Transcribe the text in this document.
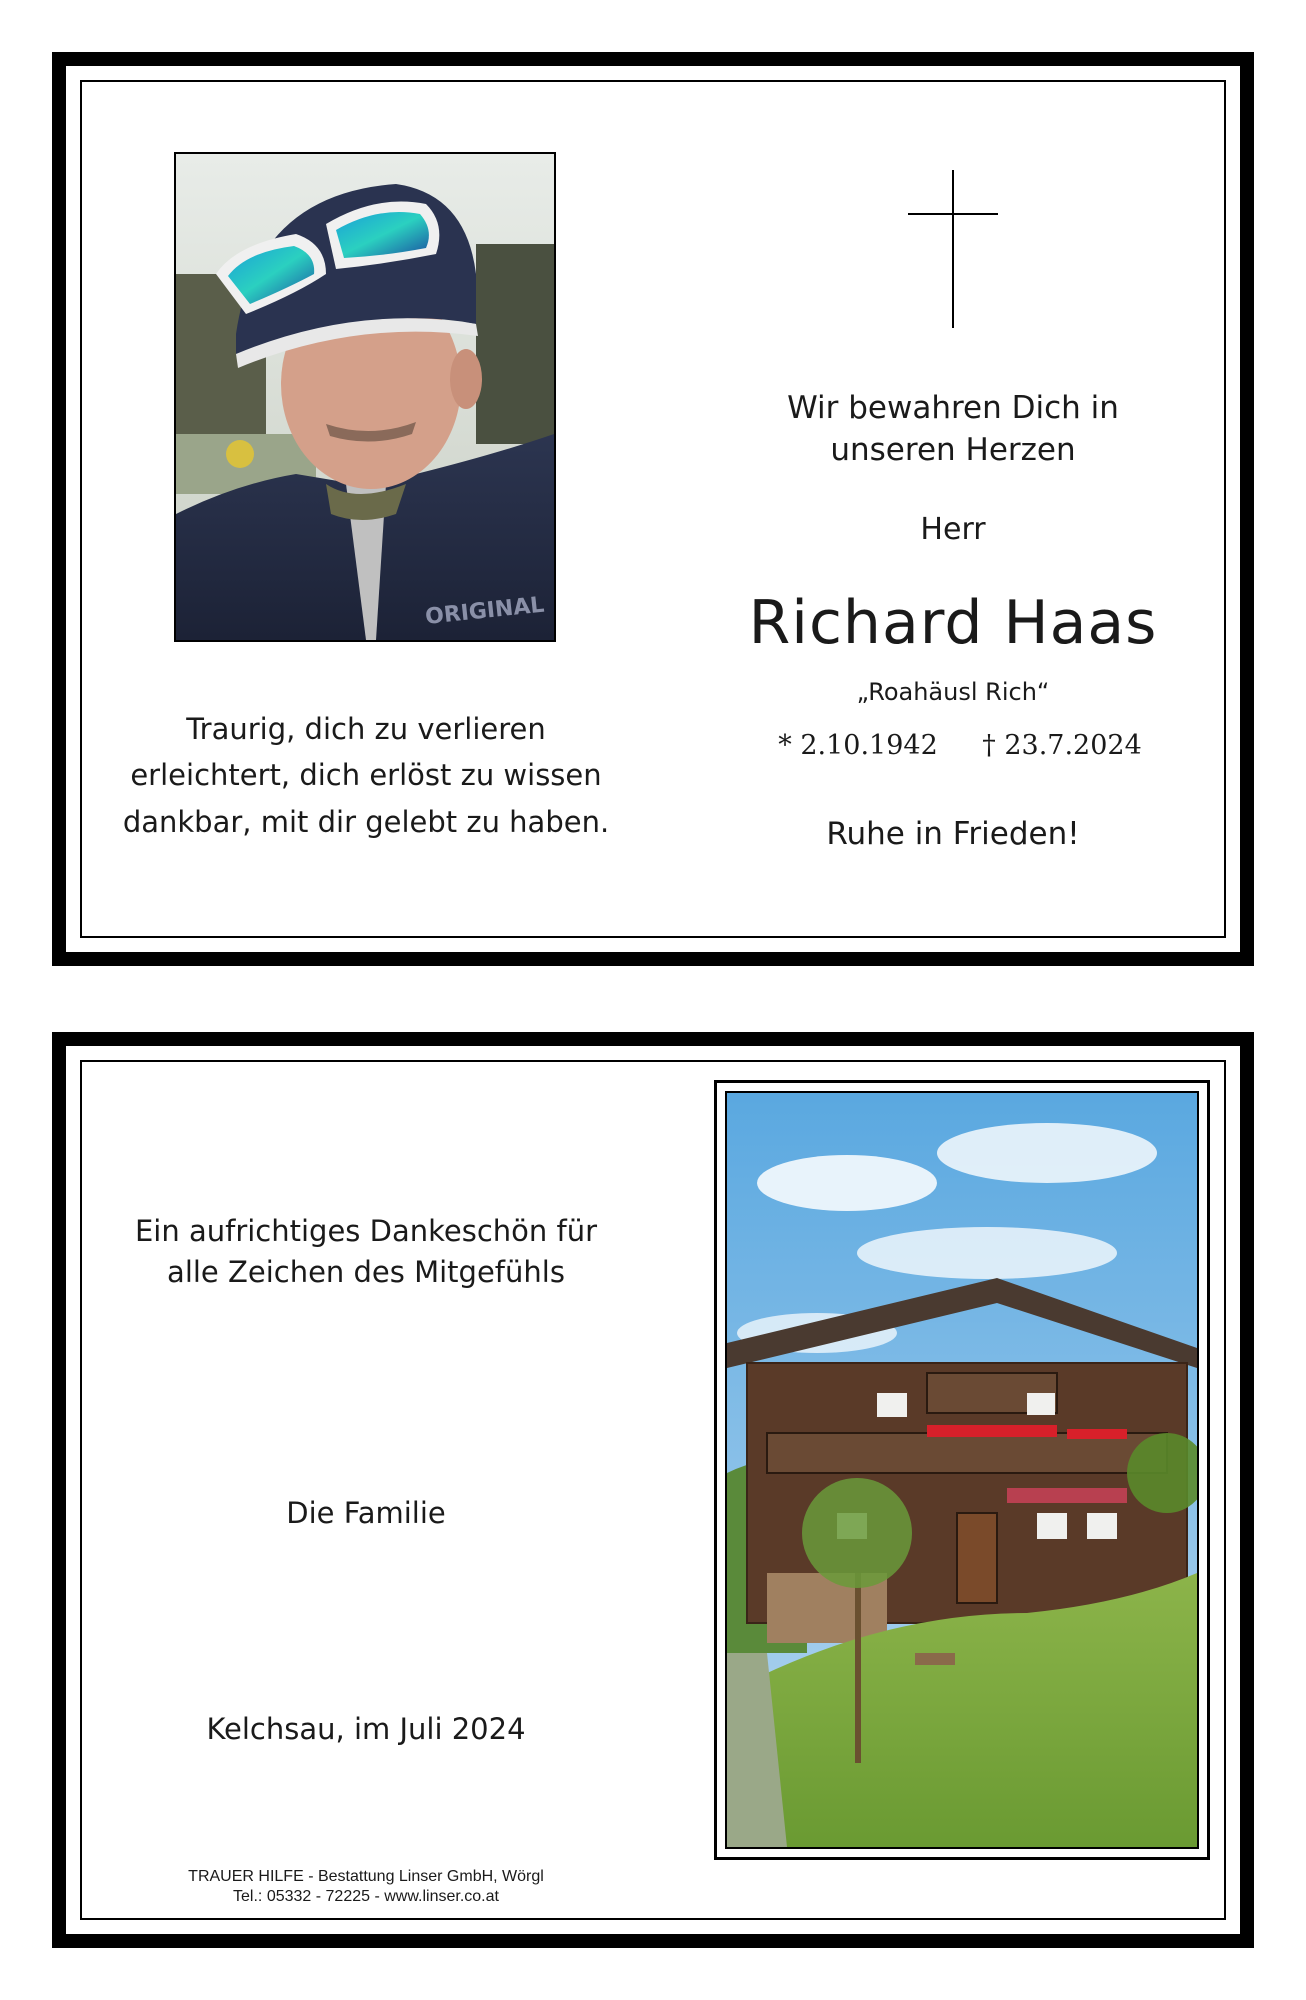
ORIGINAL
Wir bewahren Dich in
unseren Herzen
Herr
Richard Haas
„Roahäusl Rich“
* 2.10.1942	† 23.7.2024
Ruhe in Frieden!
Traurig, dich zu verlieren
erleichtert, dich erlöst zu wissen
dankbar, mit dir gelebt zu haben.
Ein aufrichtiges Dankeschön für
alle Zeichen des Mitgefühls
Die Familie
Kelchsau, im Juli 2024
TRAUER HILFE - Bestattung Linser GmbH, Wörgl
Tel.: 05332 - 72225 - www.linser.co.at
